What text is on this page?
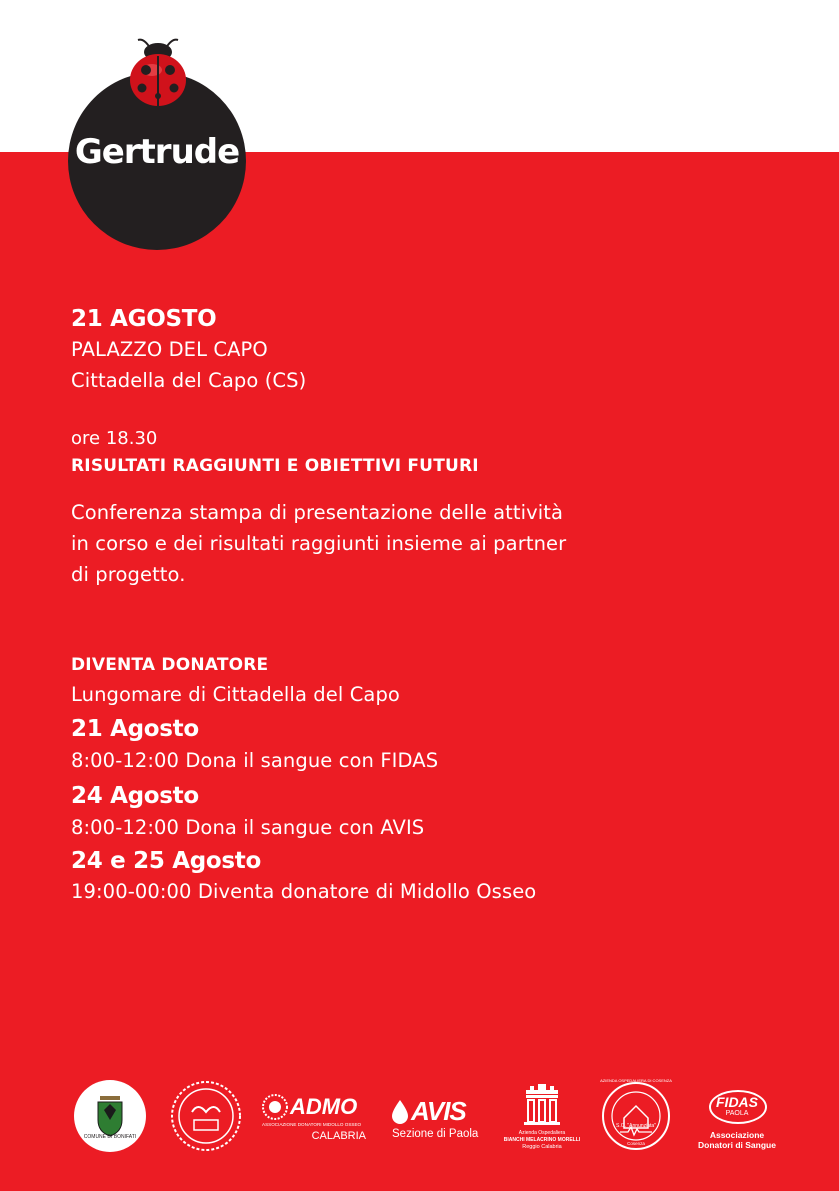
Gertrude
21 AGOSTO
PALAZZO DEL CAPO
Cittadella del Capo (CS)
ore 18.30
RISULTATI RAGGIUNTI E OBIETTIVI FUTURI
Conferenza stampa di presentazione delle attività
in corso e dei risultati raggiunti insieme ai partner
di progetto.
DIVENTA DONATORE
Lungomare di Cittadella del Capo
21 Agosto
8:00-12:00 Dona il sangue con FIDAS
24 Agosto
8:00-12:00 Dona il sangue con AVIS
24 e 25 Agosto
19:00-00:00 Diventa donatore di Midollo Osseo
COMUNE DI BONIFATI
ADMO
ASSOCIAZIONE DONATORI MIDOLLO OSSEO
CALABRIA
AVIS
Sezione di Paola	Azienda Ospedaliera
BIANCHI MELACRINO MORELLI
Reggio Calabria
AZIENDA OSPEDALIERA DI COSENZA
S.O. "Annunziata"
Cosenza
FIDAS
PAOLA
Associazione
Donatori di Sangue
